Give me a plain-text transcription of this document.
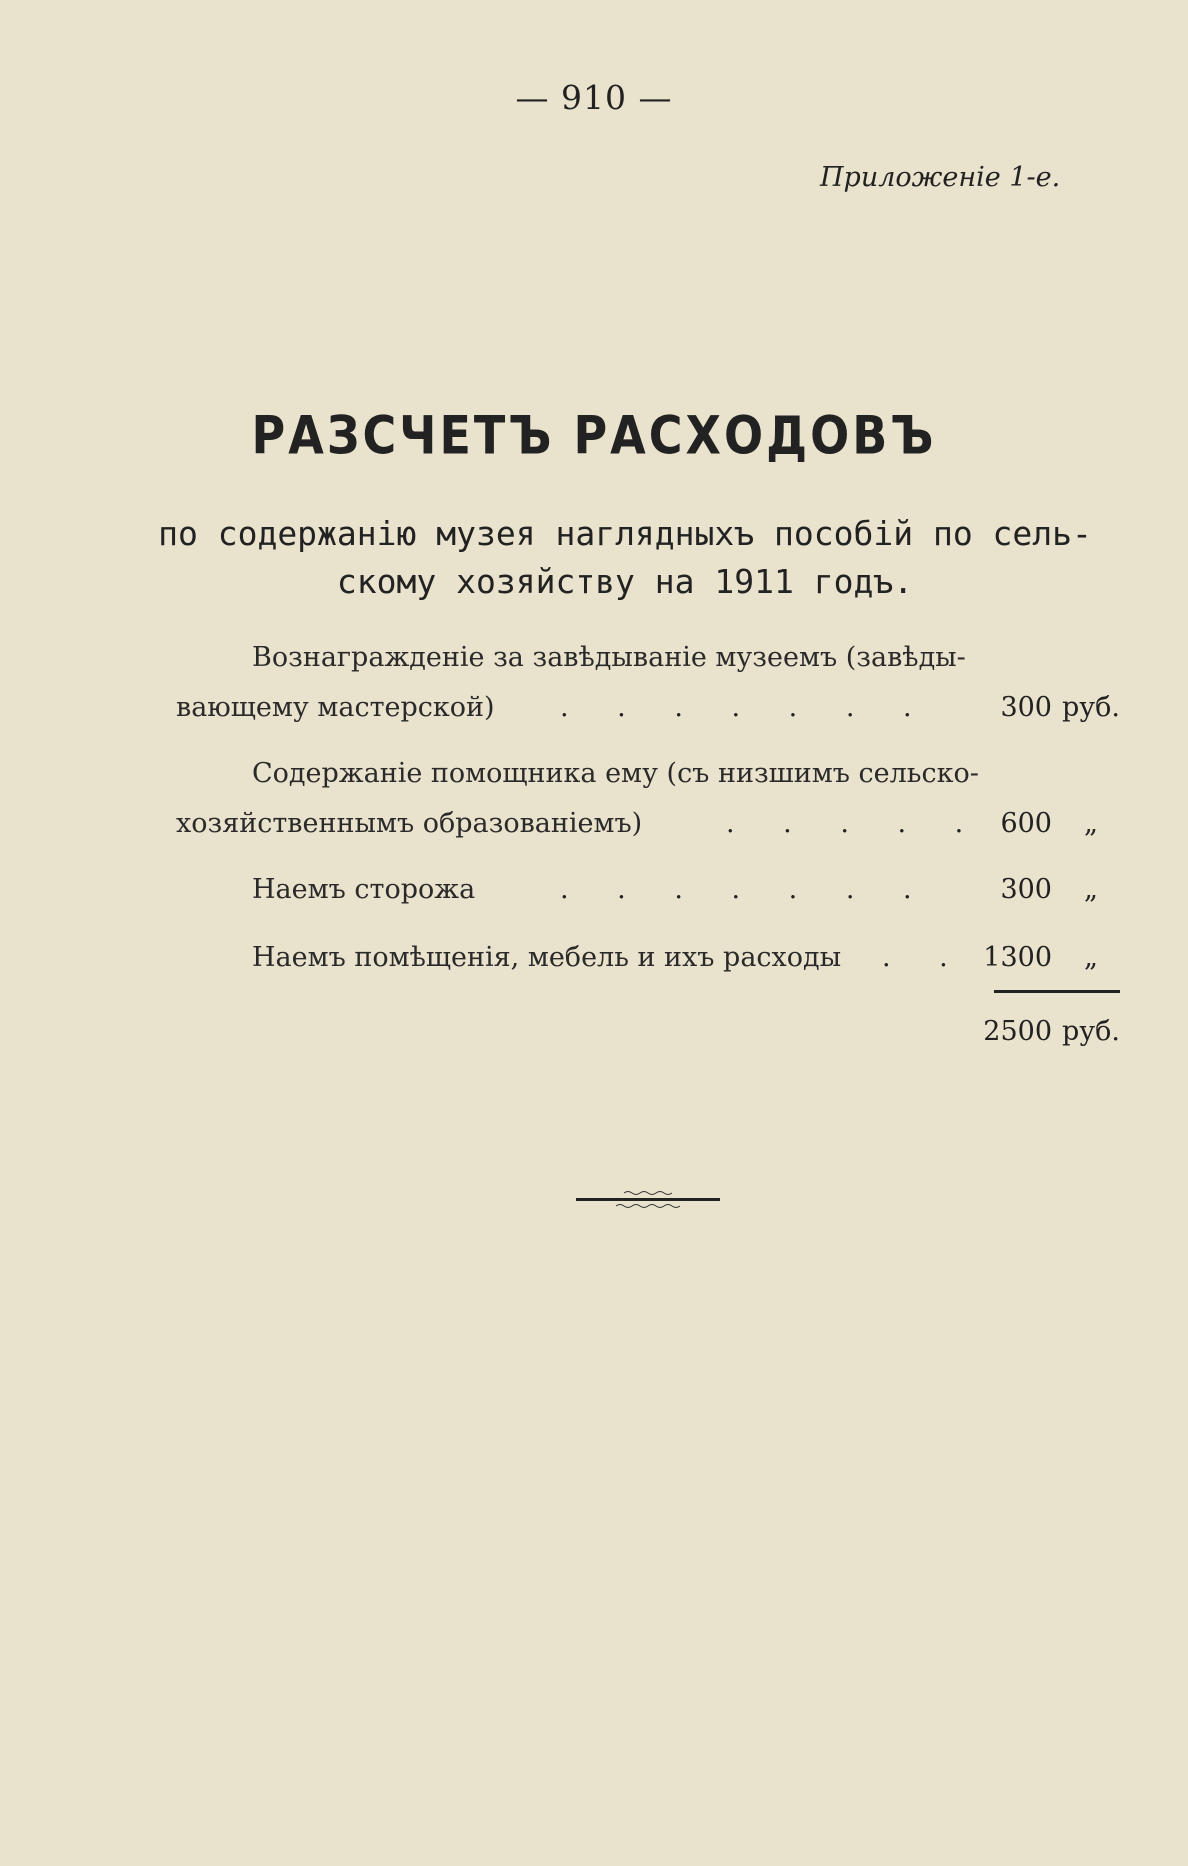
— 910 —
Приложеніе 1-е.
РАЗСЧЕТЪ РАСХОДОВЪ
по содержанію музея наглядныхъ пособій по сель-
скому хозяйству на 1911 годъ.
Вознагражденіе за завѣдываніе музеемъ (завѣды-
вающему мастерской) . . . . . . .	300 руб.
Содержаніе помощника ему (съ низшимъ сельско-
хозяйственнымъ образованіемъ)	. . . . . 600 „
Наемъ сторожа	. . . . . . .	300 „
Наемъ помѣщенія, мебель и ихъ расходы . . 1300 „
2500 руб.
